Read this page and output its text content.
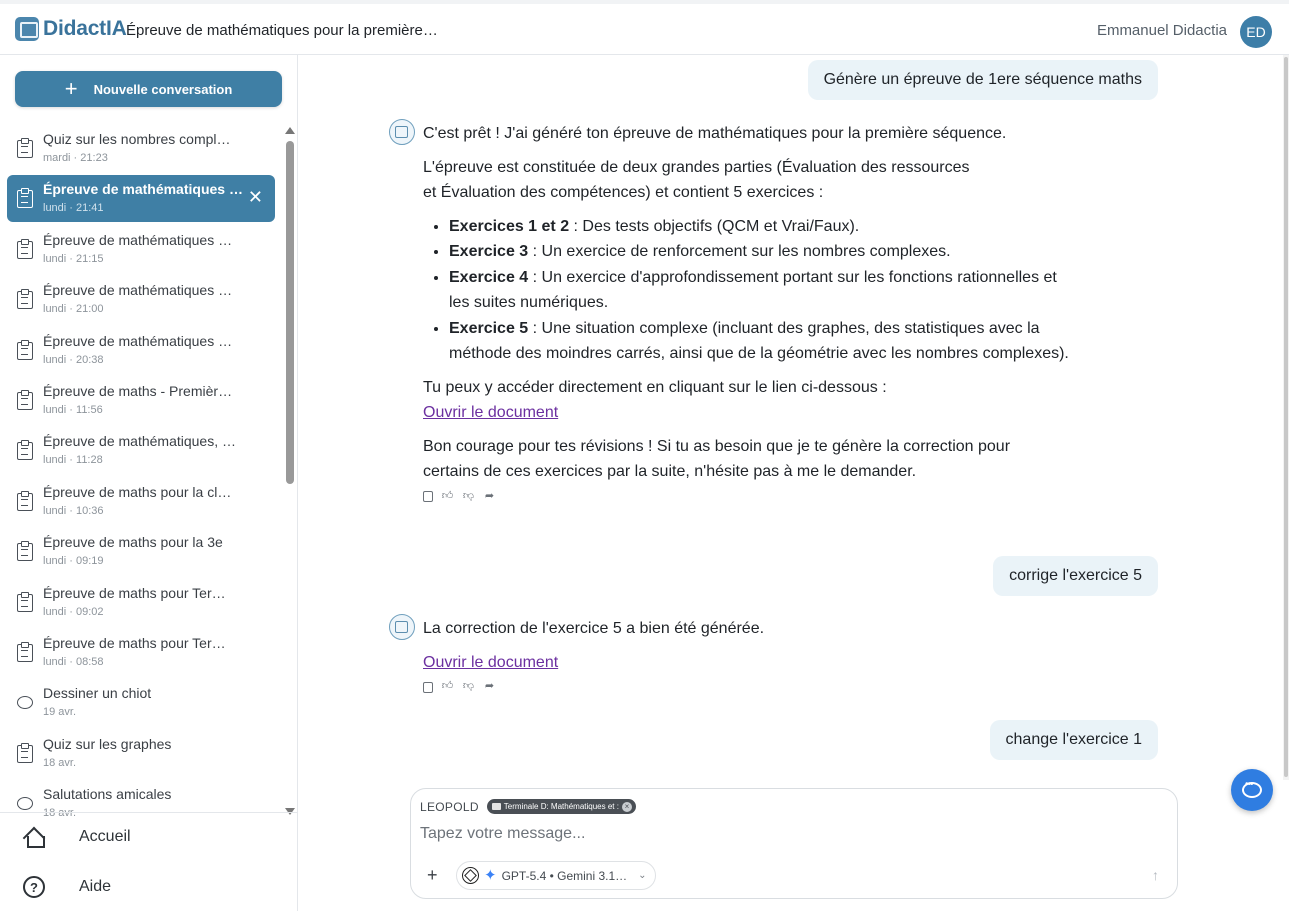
DidactIA Épreuve de mathématiques pour la première…	Emmanuel Didactia	ED
+ Nouvelle conversation
Quiz sur les nombres compl…
mardi · 21:23
Épreuve de mathématiques …
lundi · 21:41
✕
Épreuve de mathématiques …
lundi · 21:15
Épreuve de mathématiques …
lundi · 21:00
Épreuve de mathématiques …
lundi · 20:38
Épreuve de maths - Premièr…
lundi · 11:56
Épreuve de mathématiques, …
lundi · 11:28
Épreuve de maths pour la cl…
lundi · 10:36
Épreuve de maths pour la 3e
lundi · 09:19
Épreuve de maths pour Ter…
lundi · 09:02
Épreuve de maths pour Ter…
lundi · 08:58
Dessiner un chiot
19 avr.
Quiz sur les graphes
18 avr.
Salutations amicales
18 avr.
Accueil
?	Aide
Génère un épreuve de 1ere séquence maths

C'est prêt ! J'ai généré ton épreuve de mathématiques pour la première séquence.

L'épreuve est constituée de deux grandes parties (Évaluation des ressources et Évaluation des compétences) et contient 5 exercices :

• Exercices 1 et 2 : Des tests objectifs (QCM et Vrai/Faux).
• Exercice 3 : Un exercice de renforcement sur les nombres complexes.
• Exercice 4 : Un exercice d'approfondissement portant sur les fonctions rationnelles et les suites numériques.
• Exercice 5 : Une situation complexe (incluant des graphes, des statistiques avec la méthode des moindres carrés, ainsi que de la géométrie avec les nombres complexes).

Tu peux y accéder directement en cliquant sur le lien ci-dessous :
Ouvrir le document

Bon courage pour tes révisions ! Si tu as besoin que je te génère la correction pour certains de ces exercices par la suite, n'hésite pas à me le demander.

👍︎ 👎︎ ➦
corrige l'exercice 5

La correction de l'exercice 5 a bien été générée.

Ouvrir le document

👍︎ 👎︎ ➦
change l'exercice 1
LEOPOLD	Terminale D: Mathématiques et : ×
Tapez votre message...
+	✦ GPT-5.4 • Gemini 3.1… ⌄	↑
•••
